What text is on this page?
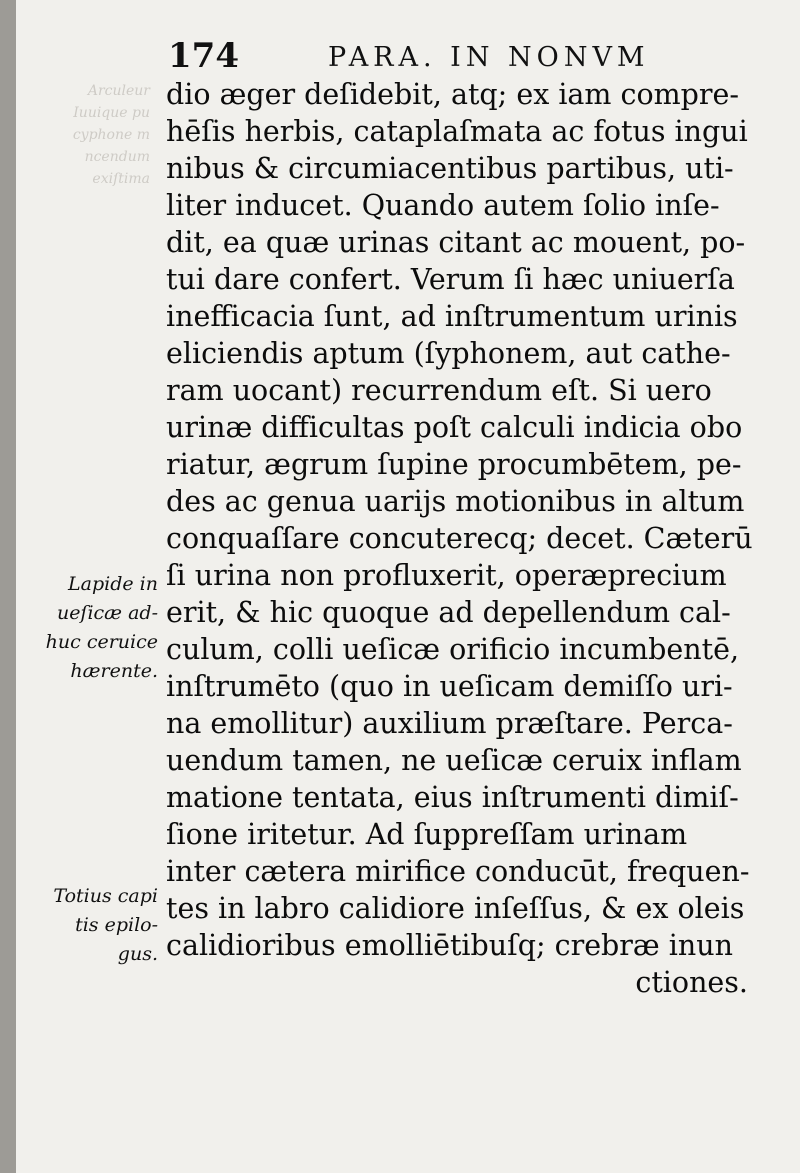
Arculeur
Iuuique pu
cyphone m
ncendum
exiſtima
174	PARA. IN NONVM
dio æger deſidebit, atq; ex iam compre-
hēſis herbis, cataplaſmata ac fotus ingui
nibus & circumiacentibus partibus, uti-
liter inducet. Quando autem ſolio inſe-
dit, ea quæ urinas citant ac mouent, po-
tui dare confert. Verum ſi hæc uniuerſa
inefficacia ſunt, ad inſtrumentum urinis
eliciendis aptum (ſyphonem, aut cathe-
ram uocant) recurrendum eſt. Si uero
urinæ difficultas poſt calculi indicia obo
riatur, ægrum ſupine procumbētem, pe-
des ac genua uarijs motionibus in altum
conquaſſare concuterecq; decet. Cæterū
ſi urina non profluxerit, operæprecium
erit, & hic quoque ad depellendum cal-
culum, colli ueſicæ orificio incumbentē,
inſtrumēto (quo in ueſicam demiſſo uri-
na emollitur) auxilium præſtare. Perca-
uendum tamen, ne ueſicæ ceruix inflam
matione tentata, eius inſtrumenti dimiſ-
ſione iritetur. Ad ſuppreſſam urinam
inter cætera mirifice conducūt, frequen-
tes in labro calidiore inſeſſus, & ex oleis
calidioribus emolliētibuſq; crebræ inun
ctiones.
Lapide in
ueſicæ ad-
huc ceruice
hærente.
Totius capi
tis epilo-
gus.
